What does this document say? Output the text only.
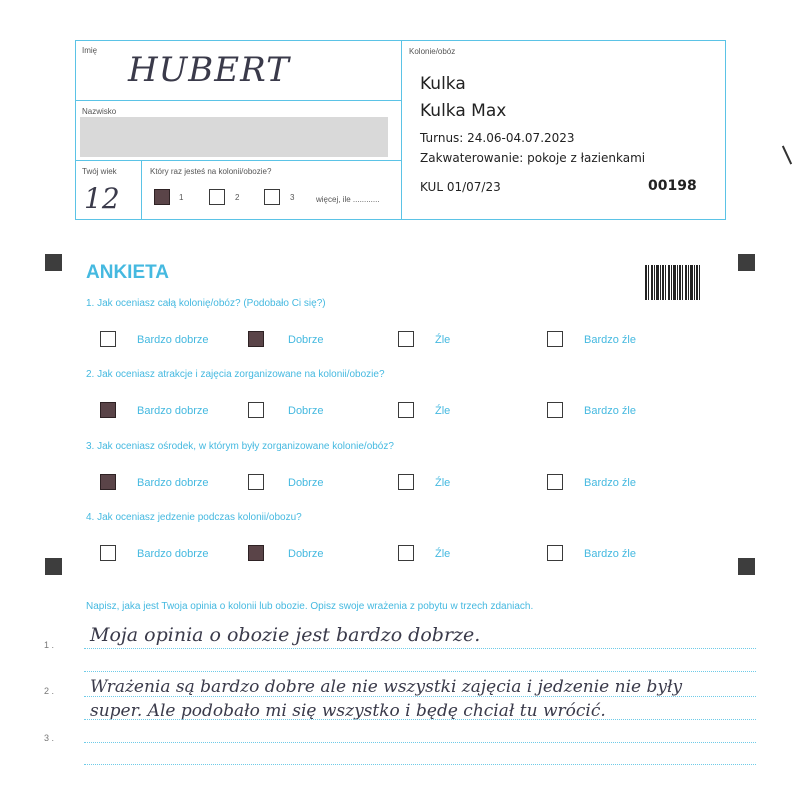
Imię HUBERT
Nazwisko
Twój wiek
12
Który raz jesteś na kolonii/obozie?
1	2	3	więcej, ile ............
Kolonie/obóz
Kulka
Kulka Max
Turnus: 24.06-04.07.2023
Zakwaterowanie: pokoje z łazienkami
KUL 01/07/23	00198
ANKIETA
1. Jak oceniasz całą kolonię/obóz? (Podobało Ci się?)
Bardzo dobrze	Dobrze	Źle	Bardzo źle
2. Jak oceniasz atrakcje i zajęcia zorganizowane na kolonii/obozie?
Bardzo dobrze	Dobrze	Źle	Bardzo źle
3. Jak oceniasz ośrodek, w którym były zorganizowane kolonie/obóz?
Bardzo dobrze	Dobrze	Źle	Bardzo źle
4. Jak oceniasz jedzenie podczas kolonii/obozu?
Bardzo dobrze	Dobrze	Źle	Bardzo źle
Napisz, jaka jest Twoja opinia o kolonii lub obozie. Opisz swoje wrażenia z pobytu w trzech zdaniach.
1 . Moja opinia o obozie jest bardzo dobrze.
2 . Wrażenia są bardzo dobre ale nie wszystki zajęcia i jedzenie nie były
super. Ale podobało mi się wszystko i będę chciał tu wrócić.
3 .
